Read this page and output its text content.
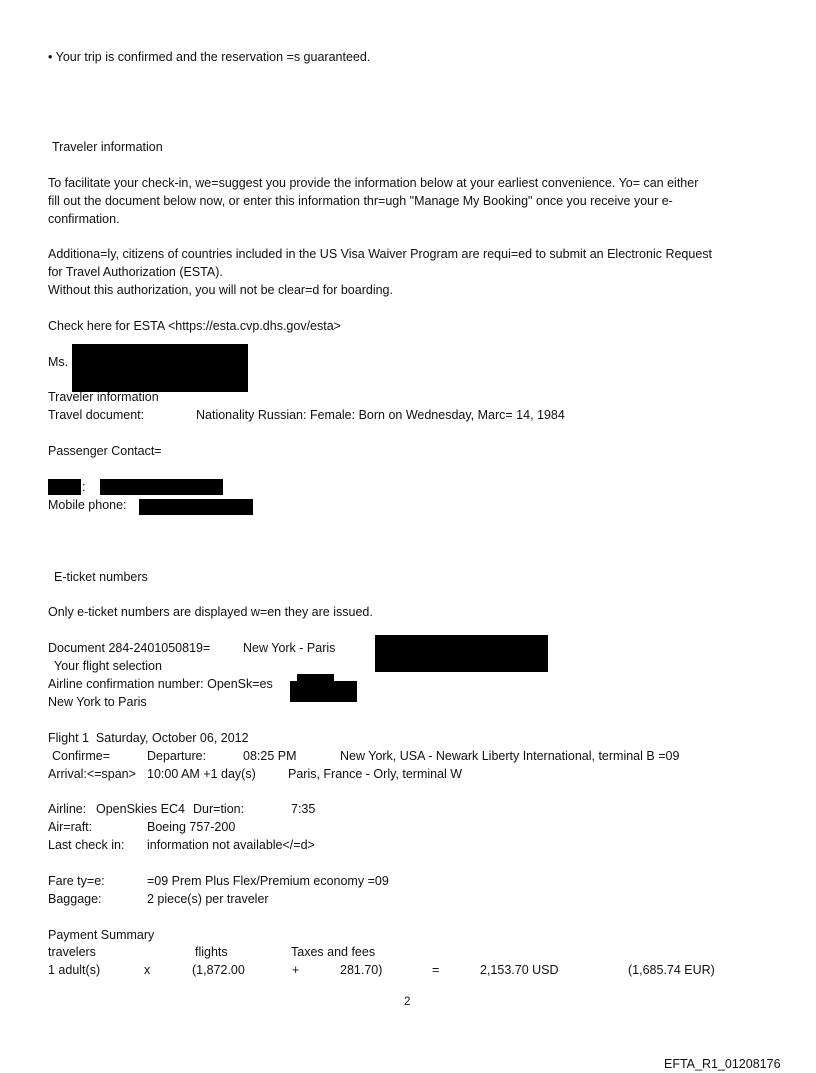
• Your trip is confirmed and the reservation =s guaranteed.
Traveler information
To facilitate your check-in, we=suggest you provide the information below at your earliest convenience. Yo= can either
fill out the document below now, or enter this information thr=ugh "Manage My Booking" once you receive your e-
confirmation.
Additiona=ly, citizens of countries included in the US Visa Waiver Program are requi=ed to submit an Electronic Request
for Travel Authorization (ESTA).
Without this authorization, you will not be clear=d for boarding.
Check here for ESTA <https://esta.cvp.dhs.gov/esta>
Ms.
Traveler information
Travel document:	Nationality Russian: Female: Born on Wednesday, Marc= 14, 1984
Passenger Contact=
:
Mobile phone:
E-ticket numbers
Only e-ticket numbers are displayed w=en they are issued.
Document 284-2401050819=	New York - Paris
Your flight selection
Airline confirmation number: OpenSk=es
New York to Paris
Flight 1  Saturday, October 06, 2012
Confirme=	Departure:	08:25 PM	New York, USA - Newark Liberty International, terminal B =09
Arrival:<=span> 10:00 AM +1 day(s)	Paris, France - Orly, terminal W
Airline: OpenSkies EC4 Dur=tion:	7:35
Air=raft:	Boeing 757-200
Last check in: information not available</=d>
Fare ty=e:	=09 Prem Plus Flex/Premium economy =09
Baggage:	2 piece(s) per traveler
Payment Summary
travelers	flights	Taxes and fees
1 adult(s)	x	(1,872.00	+	281.70)	=	2,153.70 USD	(1,685.74 EUR)
2
EFTA_R1_01208176
